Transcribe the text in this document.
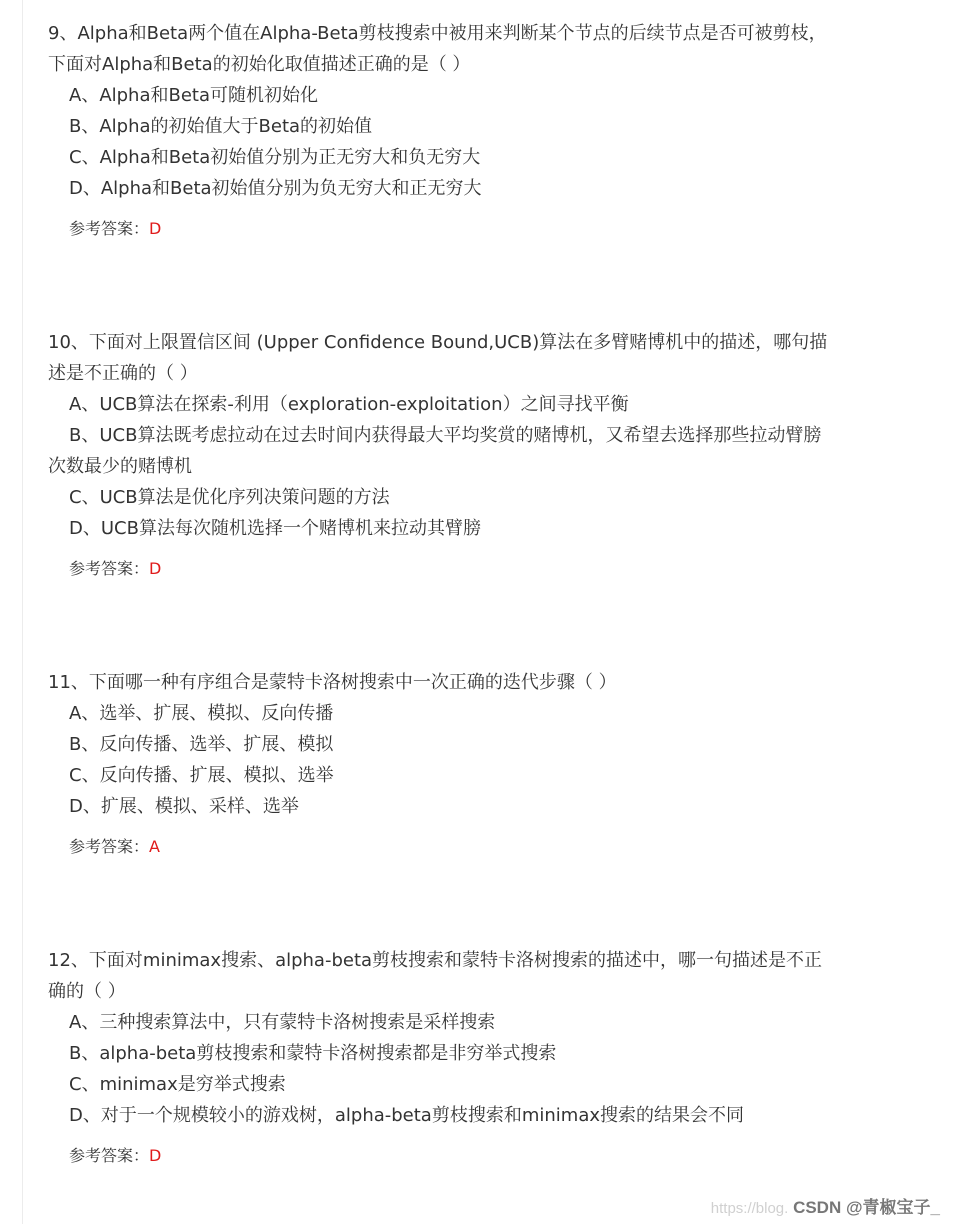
9、Alpha和Beta两个值在Alpha-Beta剪枝搜索中被用来判断某个节点的后续节点是否可被剪枝，下面对Alpha和Beta的初始化取值描述正确的是（ ）

A、Alpha和Beta可随机初始化

B、Alpha的初始值大于Beta的初始值

C、Alpha和Beta初始值分别为正无穷大和负无穷大

D、Alpha和Beta初始值分别为负无穷大和正无穷大

参考答案：D

10、下面对上限置信区间 (Upper Confidence Bound,UCB)算法在多臂赌博机中的描述，哪句描述是不正确的（ ）

A、UCB算法在探索-利用（exploration-exploitation）之间寻找平衡

B、UCB算法既考虑拉动在过去时间内获得最大平均奖赏的赌博机，又希望去选择那些拉动臂膀次数最少的赌博机

C、UCB算法是优化序列决策问题的方法

D、UCB算法每次随机选择一个赌博机来拉动其臂膀

参考答案：D

11、下面哪一种有序组合是蒙特卡洛树搜索中一次正确的迭代步骤（ ）

A、选举、扩展、模拟、反向传播

B、反向传播、选举、扩展、模拟

C、反向传播、扩展、模拟、选举

D、扩展、模拟、采样、选举

参考答案：A

12、下面对minimax搜索、alpha-beta剪枝搜索和蒙特卡洛树搜索的描述中，哪一句描述是不正确的（ ）

A、三种搜索算法中，只有蒙特卡洛树搜索是采样搜索

B、alpha-beta剪枝搜索和蒙特卡洛树搜索都是非穷举式搜索

C、minimax是穷举式搜索

D、对于一个规模较小的游戏树，alpha-beta剪枝搜索和minimax搜索的结果会不同

参考答案：D
https://blog. CSDN @青椒宝子_
